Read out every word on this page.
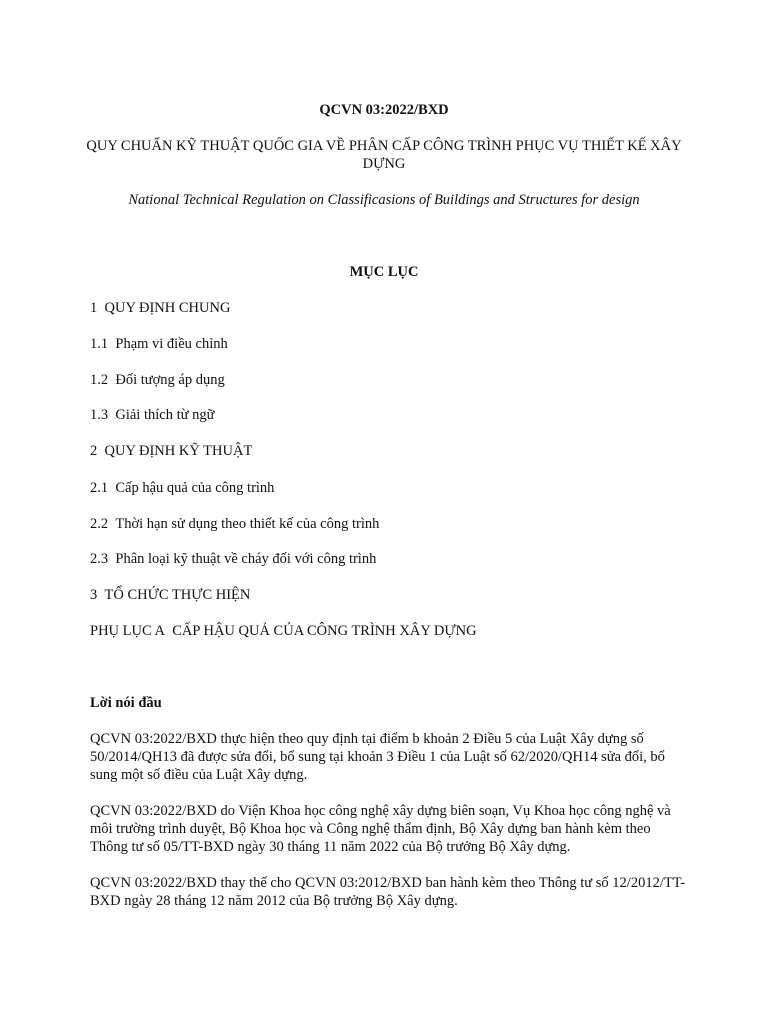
QCVN 03:2022/BXD
QUY CHUẨN KỸ THUẬT QUỐC GIA VỀ PHÂN CẤP CÔNG TRÌNH PHỤC VỤ THIẾT KẾ XÂY DỰNG
National Technical Regulation on Classificasions of Buildings and Structures for design
MỤC LỤC
1 QUY ĐỊNH CHUNG
1.1 Phạm vi điều chỉnh
1.2 Đối tượng áp dụng
1.3 Giải thích từ ngữ
2 QUY ĐỊNH KỸ THUẬT
2.1 Cấp hậu quả của công trình
2.2 Thời hạn sử dụng theo thiết kế của công trình
2.3 Phân loại kỹ thuật về cháy đối với công trình
3 TỔ CHỨC THỰC HIỆN
PHỤ LỤC A CẤP HẬU QUẢ CỦA CÔNG TRÌNH XÂY DỰNG
Lời nói đầu
QCVN 03:2022/BXD thực hiện theo quy định tại điểm b khoản 2 Điều 5 của Luật Xây dựng số 50/2014/QH13 đã được sửa đổi, bổ sung tại khoản 3 Điều 1 của Luật số 62/2020/QH14 sửa đổi, bổ sung một số điều của Luật Xây dựng.
QCVN 03:2022/BXD do Viện Khoa học công nghệ xây dựng biên soạn, Vụ Khoa học công nghệ và môi trường trình duyệt, Bộ Khoa học và Công nghệ thẩm định, Bộ Xây dựng ban hành kèm theo Thông tư số 05/TT-BXD ngày 30 tháng 11 năm 2022 của Bộ trưởng Bộ Xây dựng.
QCVN 03:2022/BXD thay thế cho QCVN 03:2012/BXD ban hành kèm theo Thông tư số 12/2012/TT-BXD ngày 28 tháng 12 năm 2012 của Bộ trưởng Bộ Xây dựng.
